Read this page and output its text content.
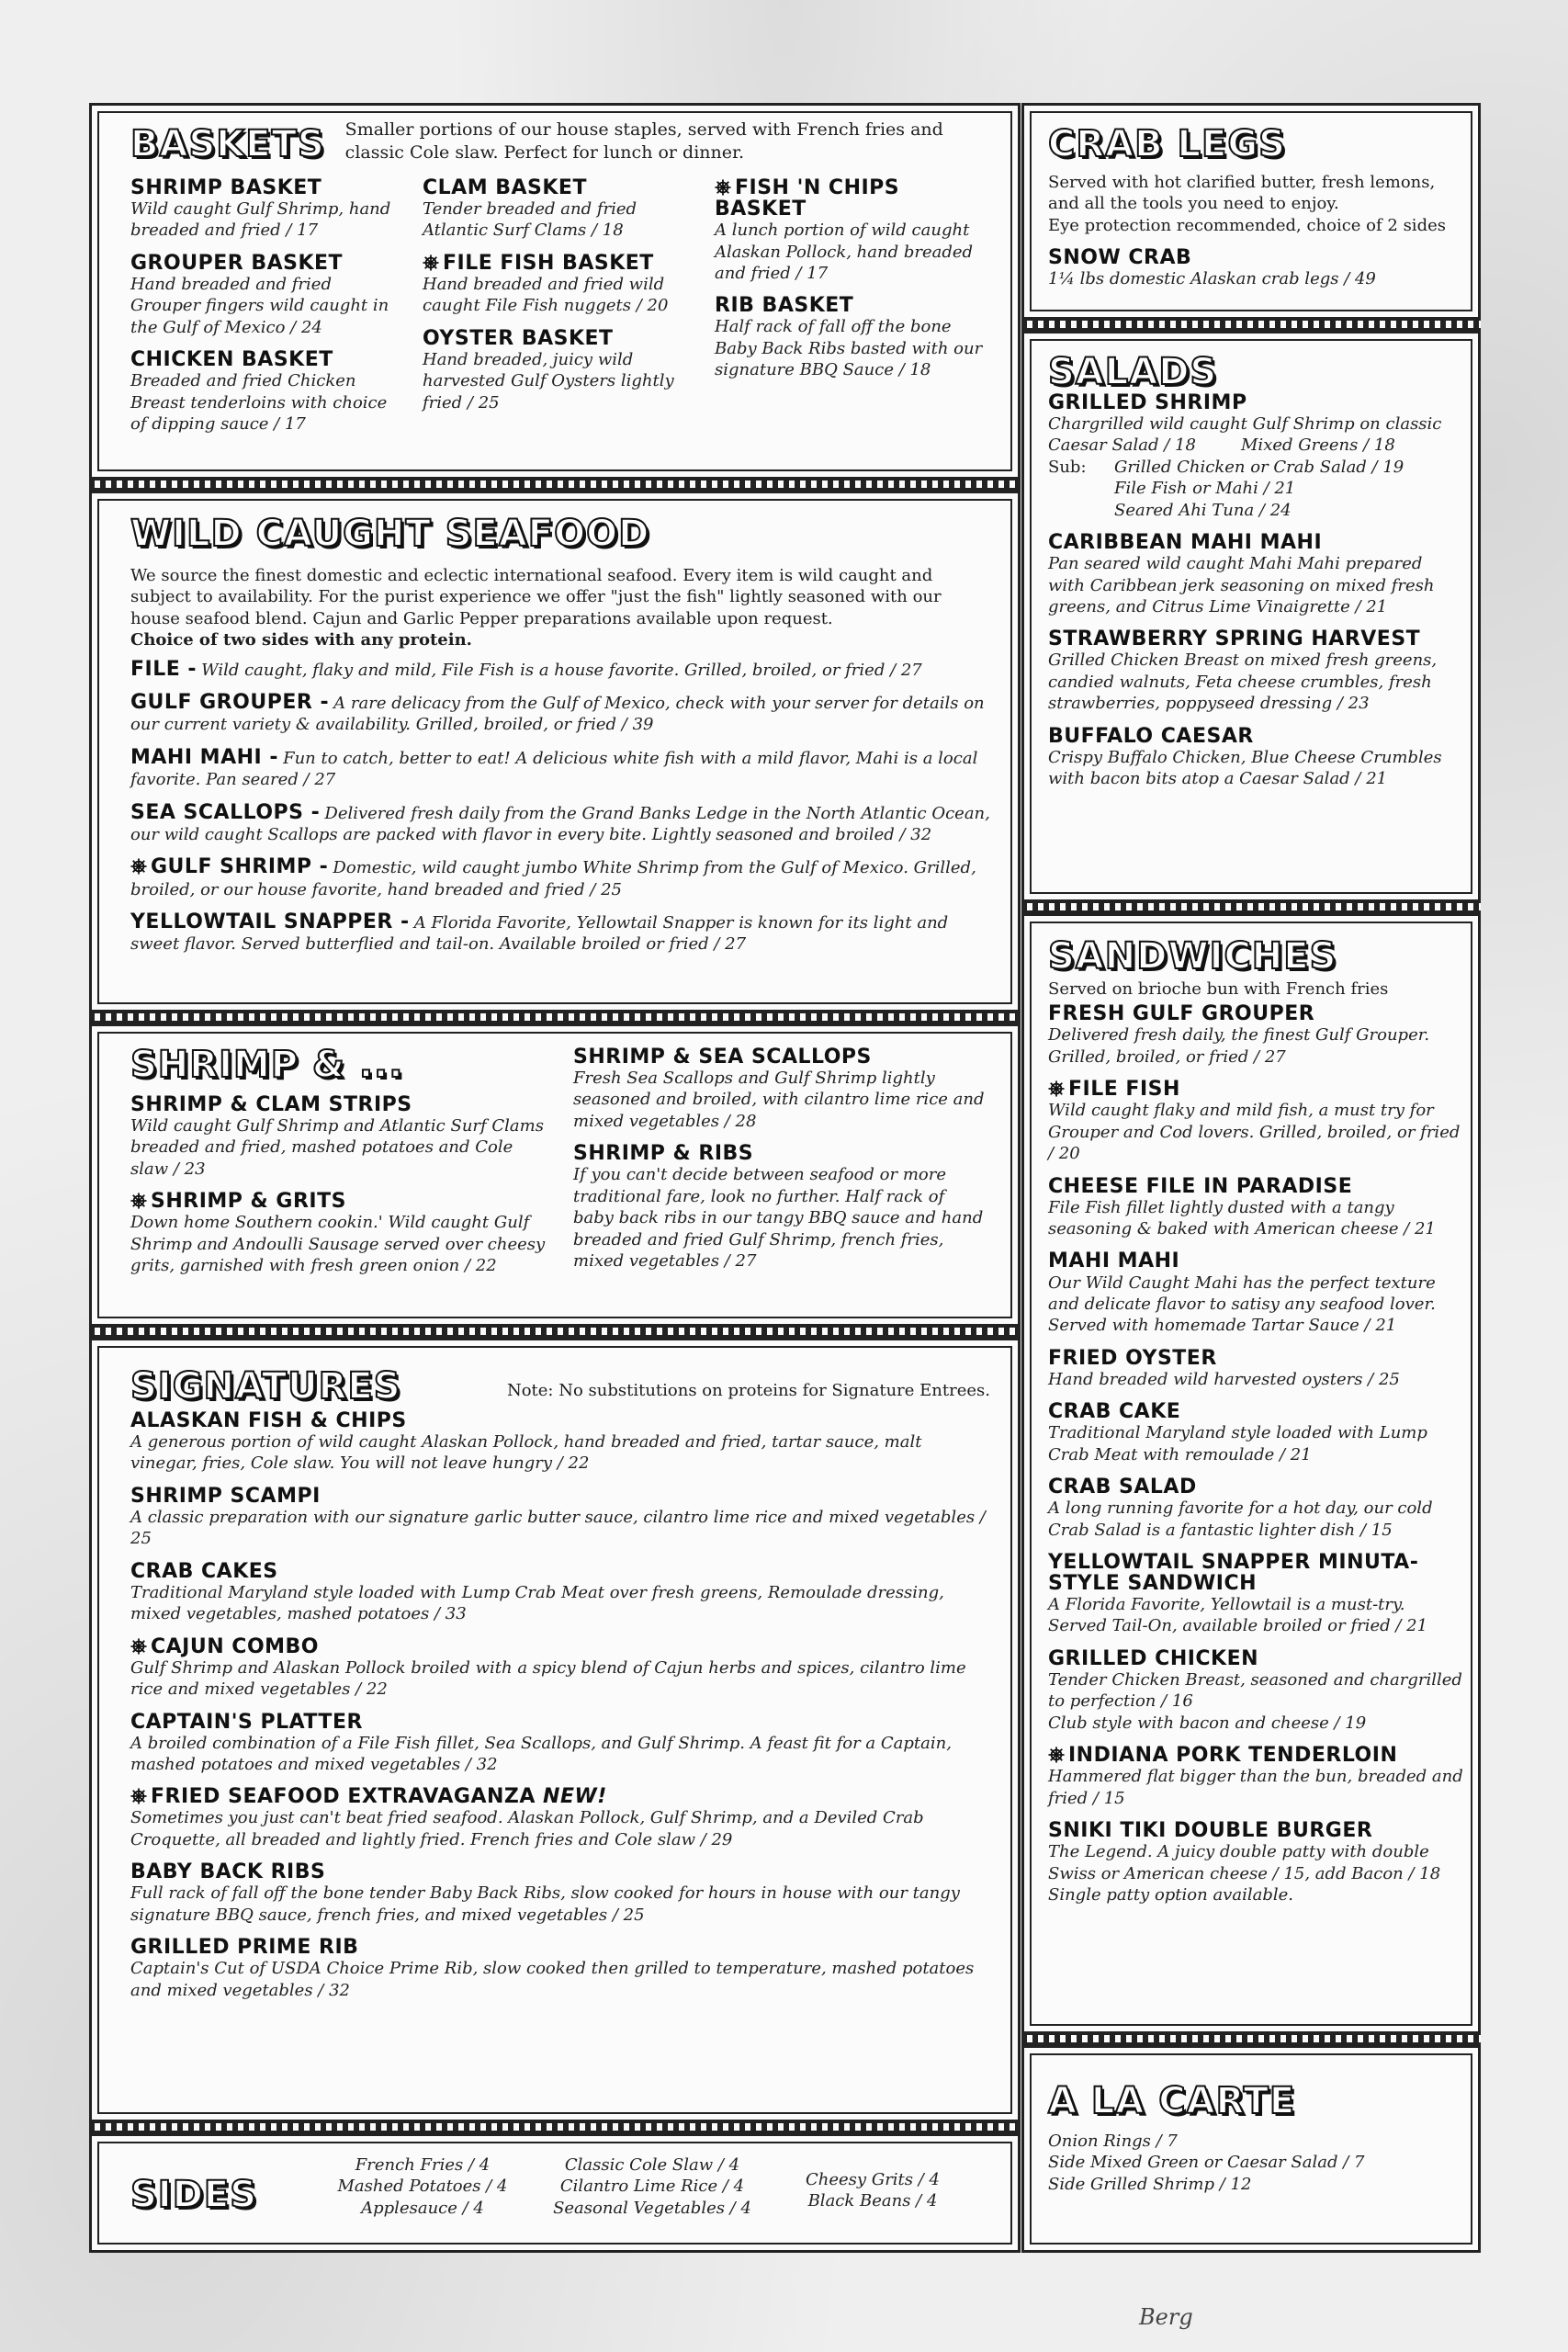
Berg
BASKETS Smaller portions of our house staples, served with French fries and classic Cole slaw. Perfect for lunch or dinner.
SHRIMP BASKET
Wild caught Gulf Shrimp, hand breaded and fried / 17
GROUPER BASKET
Hand breaded and fried Grouper fingers wild caught in the Gulf of Mexico / 24
CHICKEN BASKET
Breaded and fried Chicken Breast tenderloins with choice of dipping sauce / 17
CLAM BASKET
Tender breaded and fried Atlantic Surf Clams / 18
FILE FISH BASKET
Hand breaded and fried wild caught File Fish nuggets / 20
OYSTER BASKET
Hand breaded, juicy wild harvested Gulf Oysters lightly fried / 25
FISH 'N CHIPS BASKET
A lunch portion of wild caught Alaskan Pollock, hand breaded and fried / 17
RIB BASKET
Half rack of fall off the bone Baby Back Ribs basted with our signature BBQ Sauce / 18
WILD CAUGHT SEAFOOD
We source the finest domestic and eclectic international seafood. Every item is wild caught and subject to availability. For the purist experience we offer "just the fish" lightly seasoned with our house seafood blend. Cajun and Garlic Pepper preparations available upon request.
Choice of two sides with any protein.
FILE - Wild caught, flaky and mild, File Fish is a house favorite. Grilled, broiled, or fried / 27
GULF GROUPER - A rare delicacy from the Gulf of Mexico, check with your server for details on our current variety & availability. Grilled, broiled, or fried / 39
MAHI MAHI - Fun to catch, better to eat! A delicious white fish with a mild flavor, Mahi is a local favorite. Pan seared / 27
SEA SCALLOPS - Delivered fresh daily from the Grand Banks Ledge in the North Atlantic Ocean, our wild caught Scallops are packed with flavor in every bite. Lightly seasoned and broiled / 32
GULF SHRIMP - Domestic, wild caught jumbo White Shrimp from the Gulf of Mexico. Grilled, broiled, or our house favorite, hand breaded and fried / 25
YELLOWTAIL SNAPPER - A Florida Favorite, Yellowtail Snapper is known for its light and sweet flavor. Served butterflied and tail-on. Available broiled or fried / 27
SHRIMP & ...
SHRIMP & CLAM STRIPS
Wild caught Gulf Shrimp and Atlantic Surf Clams breaded and fried, mashed potatoes and Cole slaw / 23
SHRIMP & GRITS
Down home Southern cookin.' Wild caught Gulf Shrimp and Andoulli Sausage served over cheesy grits, garnished with fresh green onion / 22
SHRIMP & SEA SCALLOPS
Fresh Sea Scallops and Gulf Shrimp lightly seasoned and broiled, with cilantro lime rice and mixed vegetables / 28
SHRIMP & RIBS
If you can't decide between seafood or more traditional fare, look no further. Half rack of baby back ribs in our tangy BBQ sauce and hand breaded and fried Gulf Shrimp, french fries, mixed vegetables / 27
SIGNATURES	Note: No substitutions on proteins for Signature Entrees.
ALASKAN FISH & CHIPS
A generous portion of wild caught Alaskan Pollock, hand breaded and fried, tartar sauce, malt vinegar, fries, Cole slaw. You will not leave hungry / 22
SHRIMP SCAMPI
A classic preparation with our signature garlic butter sauce, cilantro lime rice and mixed vegetables / 25
CRAB CAKES
Traditional Maryland style loaded with Lump Crab Meat over fresh greens, Remoulade dressing, mixed vegetables, mashed potatoes / 33
CAJUN COMBO
Gulf Shrimp and Alaskan Pollock broiled with a spicy blend of Cajun herbs and spices, cilantro lime rice and mixed vegetables / 22
CAPTAIN'S PLATTER
A broiled combination of a File Fish fillet, Sea Scallops, and Gulf Shrimp. A feast fit for a Captain, mashed potatoes and mixed vegetables / 32
FRIED SEAFOOD EXTRAVAGANZA NEW!
Sometimes you just can't beat fried seafood. Alaskan Pollock, Gulf Shrimp, and a Deviled Crab Croquette, all breaded and lightly fried. French fries and Cole slaw / 29
BABY BACK RIBS
Full rack of fall off the bone tender Baby Back Ribs, slow cooked for hours in house with our tangy signature BBQ sauce, french fries, and mixed vegetables / 25
GRILLED PRIME RIB
Captain's Cut of USDA Choice Prime Rib, slow cooked then grilled to temperature, mashed potatoes and mixed vegetables / 32
SIDES
French Fries / 4
Mashed Potatoes / 4
Applesauce / 4
Classic Cole Slaw / 4
Cilantro Lime Rice / 4
Seasonal Vegetables / 4
Cheesy Grits / 4
Black Beans / 4
CRAB LEGS
Served with hot clarified butter, fresh lemons, and all the tools you need to enjoy.
Eye protection recommended, choice of 2 sides
SNOW CRAB
1¼ lbs domestic Alaskan crab legs / 49
SALADS
GRILLED SHRIMP
Chargrilled wild caught Gulf Shrimp on classic
Caesar Salad / 18	Mixed Greens / 18
Sub:	Grilled Chicken or Crab Salad / 19
File Fish or Mahi / 21
Seared Ahi Tuna / 24
CARIBBEAN MAHI MAHI
Pan seared wild caught Mahi Mahi prepared with Caribbean jerk seasoning on mixed fresh greens, and Citrus Lime Vinaigrette / 21
STRAWBERRY SPRING HARVEST
Grilled Chicken Breast on mixed fresh greens, candied walnuts, Feta cheese crumbles, fresh strawberries, poppyseed dressing / 23
BUFFALO CAESAR
Crispy Buffalo Chicken, Blue Cheese Crumbles with bacon bits atop a Caesar Salad / 21
SANDWICHES
Served on brioche bun with French fries
FRESH GULF GROUPER
Delivered fresh daily, the finest Gulf Grouper. Grilled, broiled, or fried / 27
FILE FISH
Wild caught flaky and mild fish, a must try for Grouper and Cod lovers. Grilled, broiled, or fried / 20
CHEESE FILE IN PARADISE
File Fish fillet lightly dusted with a tangy seasoning & baked with American cheese / 21
MAHI MAHI
Our Wild Caught Mahi has the perfect texture and delicate flavor to satisy any seafood lover. Served with homemade Tartar Sauce / 21
FRIED OYSTER
Hand breaded wild harvested oysters / 25
CRAB CAKE
Traditional Maryland style loaded with Lump Crab Meat with remoulade / 21
CRAB SALAD
A long running favorite for a hot day, our cold Crab Salad is a fantastic lighter dish / 15
YELLOWTAIL SNAPPER MINUTA-STYLE SANDWICH
A Florida Favorite, Yellowtail is a must-try. Served Tail-On, available broiled or fried / 21
GRILLED CHICKEN
Tender Chicken Breast, seasoned and chargrilled to perfection / 16
Club style with bacon and cheese / 19
INDIANA PORK TENDERLOIN
Hammered flat bigger than the bun, breaded and fried / 15
SNIKI TIKI DOUBLE BURGER
The Legend. A juicy double patty with double Swiss or American cheese / 15, add Bacon / 18
Single patty option available.
A LA CARTE
Onion Rings / 7
Side Mixed Green or Caesar Salad / 7
Side Grilled Shrimp / 12
